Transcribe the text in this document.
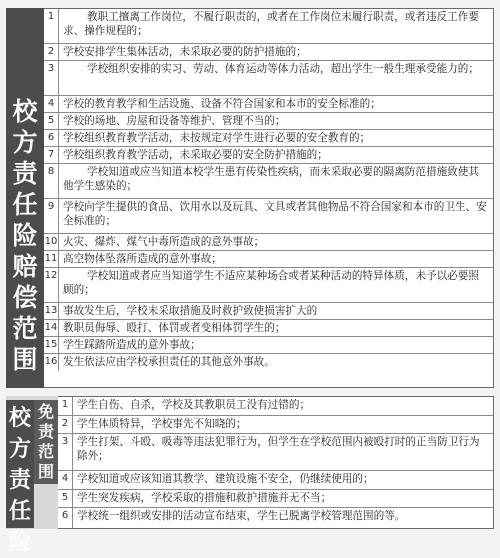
校
方
责
任
险
赔
偿
范
围
1	教职工擅离工作岗位，不履行职责的，或者在工作岗位未履行职责，或者违反工作要求、操作规程的；
2 学校安排学生集体活动，未采取必要的防护措施的；
3	学校组织安排的实习、劳动、体育运动等体力活动，超出学生一般生理承受能力的；
4 学校的教育教学和生活设施、设备不符合国家和本市的安全标准的；
5 学校的场地、房屋和设备等维护、管理不当的；
6 学校组织教育教学活动，未按规定对学生进行必要的安全教育的；
7 学校组织教育教学活动，未采取必要的安全防护措施的；
8	学校知道或应当知道本校学生患有传染性疾病，而未采取必要的隔离防范措施致使其他学生感染的；
9 学校向学生提供的食品、饮用水以及玩具、文具或者其他物品不符合国家和本市的卫生、安全标准的；
10 火灾、爆炸、煤气中毒所造成的意外事故；
11 高空物体坠落所造成的意外事故；
12	学校知道或者应当知道学生不适应某种场合或者某种活动的特异体质，未予以必要照顾的；
13 事故发生后，学校未采取措施及时救护致使损害扩大的
14 教职员侮辱、殴打、体罚或者变相体罚学生的；
15 学生踩踏所造成的意外事故；
16 发生依法应由学校承担责任的其他意外事故。
校
方
责
任
险
免
责
范
围
1 学生自伤、自杀，学校及其教职员工没有过错的；
2 学生体质特异，学校事先不知晓的；
3 学生打架、斗殴、吸毒等违法犯罪行为，但学生在学校范围内被殴打时的正当防卫行为除外；
4 学校知道或应该知道其教学、建筑设施不安全，仍继续使用的；
5 学生突发疾病，学校采取的措施和救护措施并无不当；
6 学校统一组织或安排的活动宣布结束，学生已脱离学校管理范围的等。
